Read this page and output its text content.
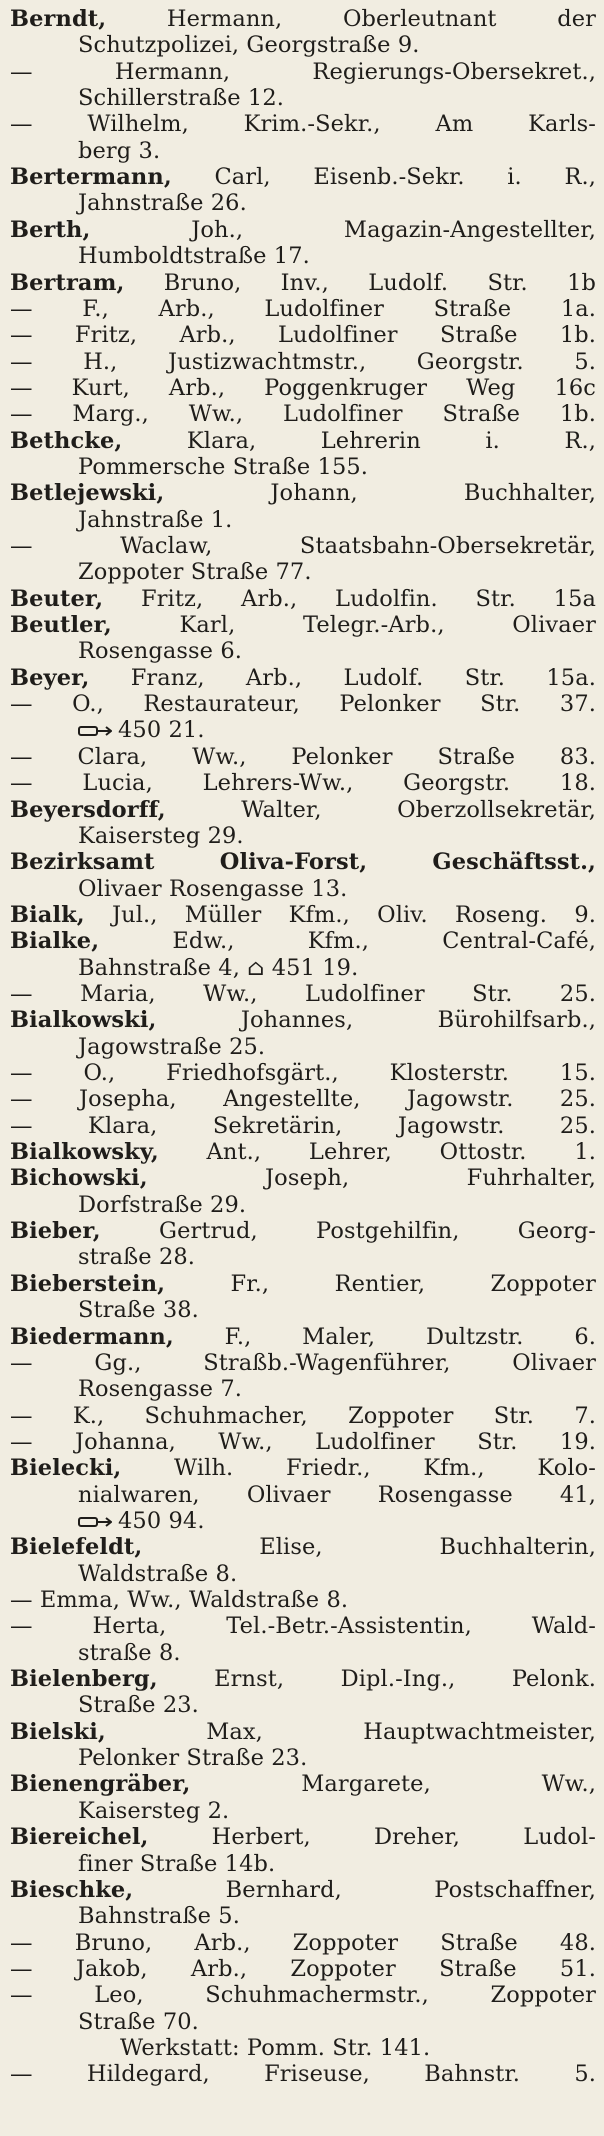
Berndt, Hermann, Oberleutnant der
Schutzpolizei, Georgstraße 9.
— Hermann, Regierungs-Obersekret.,
Schillerstraße 12.
— Wilhelm, Krim.-Sekr., Am Karls-
berg 3.
Bertermann, Carl, Eisenb.-Sekr. i. R.,
Jahnstraße 26.
Berth, Joh., Magazin-Angestellter,
Humboldtstraße 17.
Bertram, Bruno, Inv., Ludolf. Str. 1b
— F., Arb., Ludolfiner Straße 1a.
— Fritz, Arb., Ludolfiner Straße 1b.
— H., Justizwachtmstr., Georgstr. 5.
— Kurt, Arb., Poggenkruger Weg 16c
— Marg., Ww., Ludolfiner Straße 1b.
Bethcke, Klara, Lehrerin i. R.,
Pommersche Straße 155.
Betlejewski, Johann, Buchhalter,
Jahnstraße 1.
— Waclaw, Staatsbahn-Obersekretär,
Zoppoter Straße 77.
Beuter, Fritz, Arb., Ludolfin. Str. 15a
Beutler, Karl, Telegr.-Arb., Olivaer
Rosengasse 6.
Beyer, Franz, Arb., Ludolf. Str. 15a.
— O., Restaurateur, Pelonker Str. 37.
450 21.
— Clara, Ww., Pelonker Straße 83.
— Lucia, Lehrers-Ww., Georgstr. 18.
Beyersdorff, Walter, Oberzollsekretär,
Kaisersteg 29.
Bezirksamt Oliva-Forst, Geschäftsst.,
Olivaer Rosengasse 13.
Bialk, Jul., Müller Kfm., Oliv. Roseng. 9.
Bialke, Edw., Kfm., Central-Café,
Bahnstraße 4, ⌂ 451 19.
— Maria, Ww., Ludolfiner Str. 25.
Bialkowski, Johannes, Bürohilfsarb.,
Jagowstraße 25.
— O., Friedhofsgärt., Klosterstr. 15.
— Josepha, Angestellte, Jagowstr. 25.
— Klara, Sekretärin, Jagowstr. 25.
Bialkowsky, Ant., Lehrer, Ottostr. 1.
Bichowski, Joseph, Fuhrhalter,
Dorfstraße 29.
Bieber, Gertrud, Postgehilfin, Georg-
straße 28.
Bieberstein, Fr., Rentier, Zoppoter
Straße 38.
Biedermann, F., Maler, Dultzstr. 6.
— Gg., Straßb.-Wagenführer, Olivaer
Rosengasse 7.
— K., Schuhmacher, Zoppoter Str. 7.
— Johanna, Ww., Ludolfiner Str. 19.
Bielecki, Wilh. Friedr., Kfm., Kolo-
nialwaren, Olivaer Rosengasse 41,
450 94.
Bielefeldt, Elise, Buchhalterin,
Waldstraße 8.
— Emma, Ww., Waldstraße 8.
— Herta, Tel.-Betr.-Assistentin, Wald-
straße 8.
Bielenberg, Ernst, Dipl.-Ing., Pelonk.
Straße 23.
Bielski, Max, Hauptwachtmeister,
Pelonker Straße 23.
Bienengräber, Margarete, Ww.,
Kaisersteg 2.
Biereichel, Herbert, Dreher, Ludol-
finer Straße 14b.
Bieschke, Bernhard, Postschaffner,
Bahnstraße 5.
— Bruno, Arb., Zoppoter Straße 48.
— Jakob, Arb., Zoppoter Straße 51.
— Leo, Schuhmachermstr., Zoppoter
Straße 70.
Werkstatt: Pomm. Str. 141.
— Hildegard, Friseuse, Bahnstr. 5.
